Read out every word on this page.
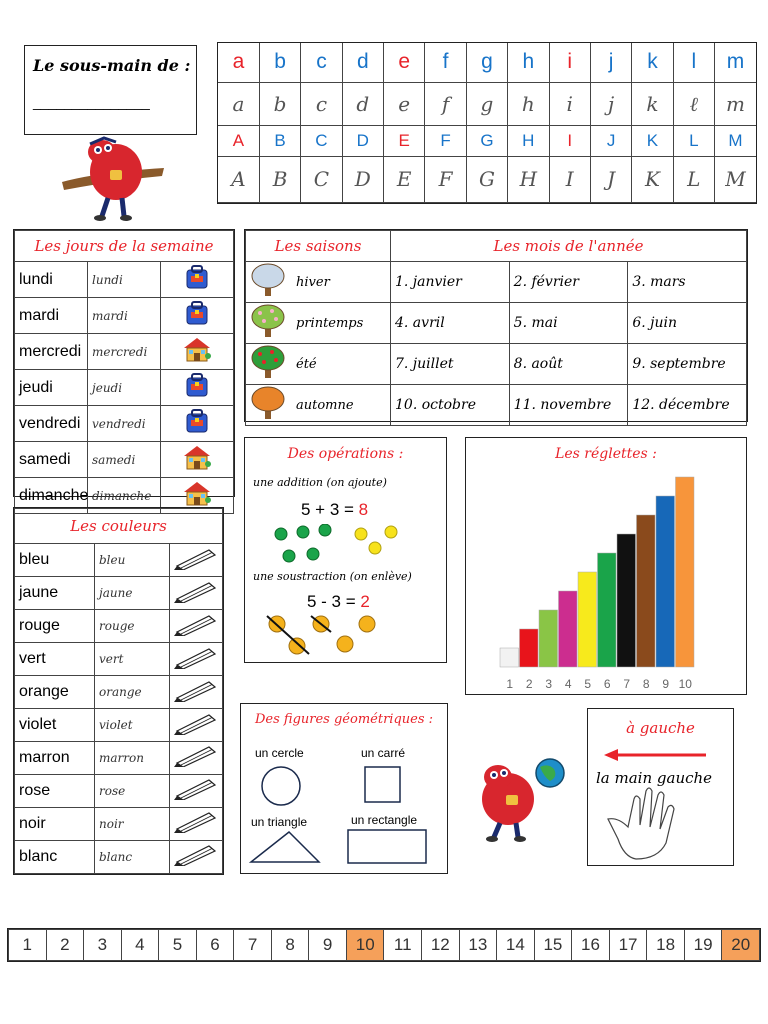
Le sous-main de :
_______________
a	b	c	d	e	f	g	h	i	j	k	l	m
a	b	c	d	e	f	g	h	i	j	k	ℓ	m
A	B	C	D	E	F	G	H	I	J	K	L	M
A	B	C	D	E	F	G	H	I	J	K	L	M
Les jours de la semaine		
lundi	lundi	
mardi	mardi	
mercredi	mercredi	
jeudi	jeudi	
vendredi	vendredi	
samedi	samedi	
dimanche	dimanche	
Les saisons	Les mois de l'année		
hiver	1. janvier	2. février	3. mars
printemps	4. avril	5. mai	6. juin
été	7. juillet	8. août	9. septembre
automne	10. octobre	11. novembre	12. décembre
Les couleurs		
bleu	bleu	
jaune	jaune	
rouge	rouge	
vert	vert	
orange	orange	
violet	violet	
marron	marron	
rose	rose	
noir	noir	
blanc	blanc	
Des opérations :
une addition (on ajoute)
5 + 3 = 8
une soustraction (on enlève)
5 - 3 = 2
Les réglettes :
1 2 3 4 5 6 7 8 9 10
Des figures géométriques :
un cercle	un carré
un triangle	un rectangle
à gauche
la main gauche
1	2	3	4	5	6	7	8	9	10	11	12	13	14	15	16	17	18	19	20
